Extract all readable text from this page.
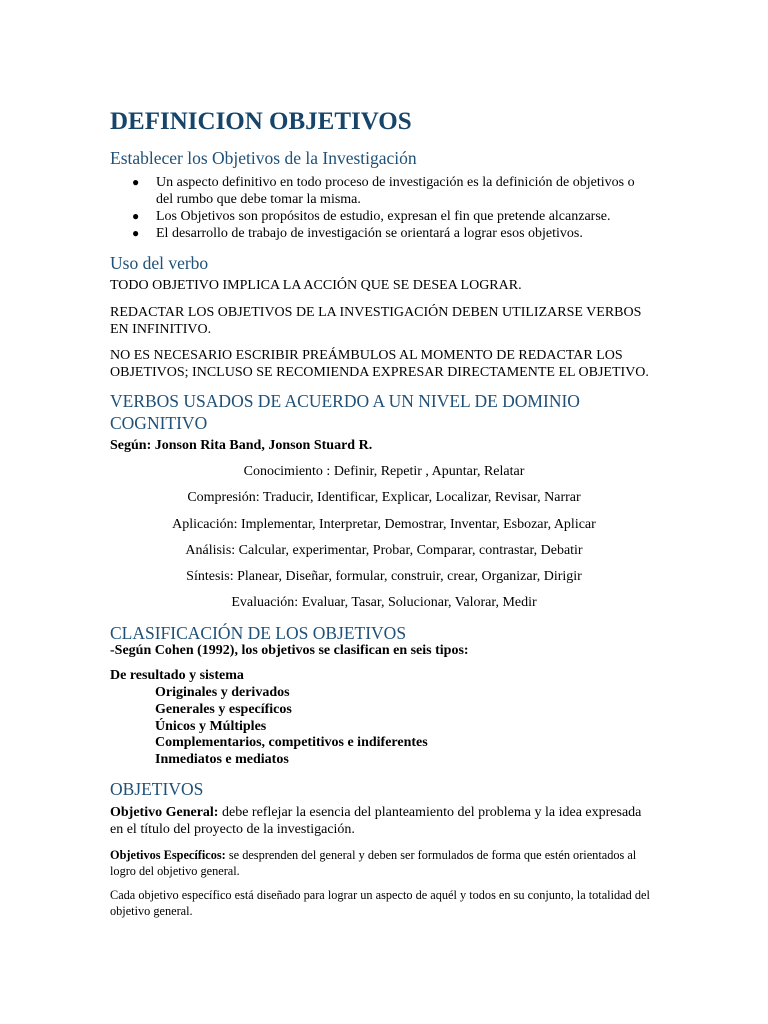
DEFINICION OBJETIVOS
Establecer los Objetivos de la Investigación
● Un aspecto definitivo en todo proceso de investigación es la definición de objetivos o del rumbo que debe tomar la misma.
● Los Objetivos son propósitos de estudio, expresan el fin que pretende alcanzarse.
● El desarrollo de trabajo de investigación se orientará a lograr esos objetivos.
Uso del verbo
TODO OBJETIVO IMPLICA LA ACCIÓN QUE SE DESEA LOGRAR.
REDACTAR LOS OBJETIVOS DE LA INVESTIGACIÓN DEBEN UTILIZARSE VERBOS EN INFINITIVO.
NO ES NECESARIO ESCRIBIR PREÁMBULOS AL MOMENTO DE REDACTAR LOS OBJETIVOS; INCLUSO SE RECOMIENDA EXPRESAR DIRECTAMENTE EL OBJETIVO.
VERBOS USADOS DE ACUERDO A UN NIVEL DE DOMINIO COGNITIVO
Según: Jonson Rita Band, Jonson Stuard R.
Conocimiento : Definir, Repetir , Apuntar, Relatar
Compresión: Traducir, Identificar, Explicar, Localizar, Revisar, Narrar
Aplicación: Implementar, Interpretar, Demostrar, Inventar, Esbozar, Aplicar
Análisis: Calcular, experimentar, Probar, Comparar, contrastar, Debatir
Síntesis: Planear, Diseñar, formular, construir, crear, Organizar, Dirigir
Evaluación: Evaluar, Tasar, Solucionar, Valorar, Medir
CLASIFICACIÓN DE LOS OBJETIVOS
-Según Cohen (1992), los objetivos se clasifican en seis tipos:
De resultado y sistema
Originales y derivados
Generales y específicos
Únicos y Múltiples
Complementarios, competitivos e indiferentes
Inmediatos e mediatos
OBJETIVOS
Objetivo General: debe reflejar la esencia del planteamiento del problema y la idea expresada en el título del proyecto de la investigación.
Objetivos Específicos: se desprenden del general y deben ser formulados de forma que estén orientados al logro del objetivo general.
Cada objetivo específico está diseñado para lograr un aspecto de aquél y todos en su conjunto, la totalidad del objetivo general.
